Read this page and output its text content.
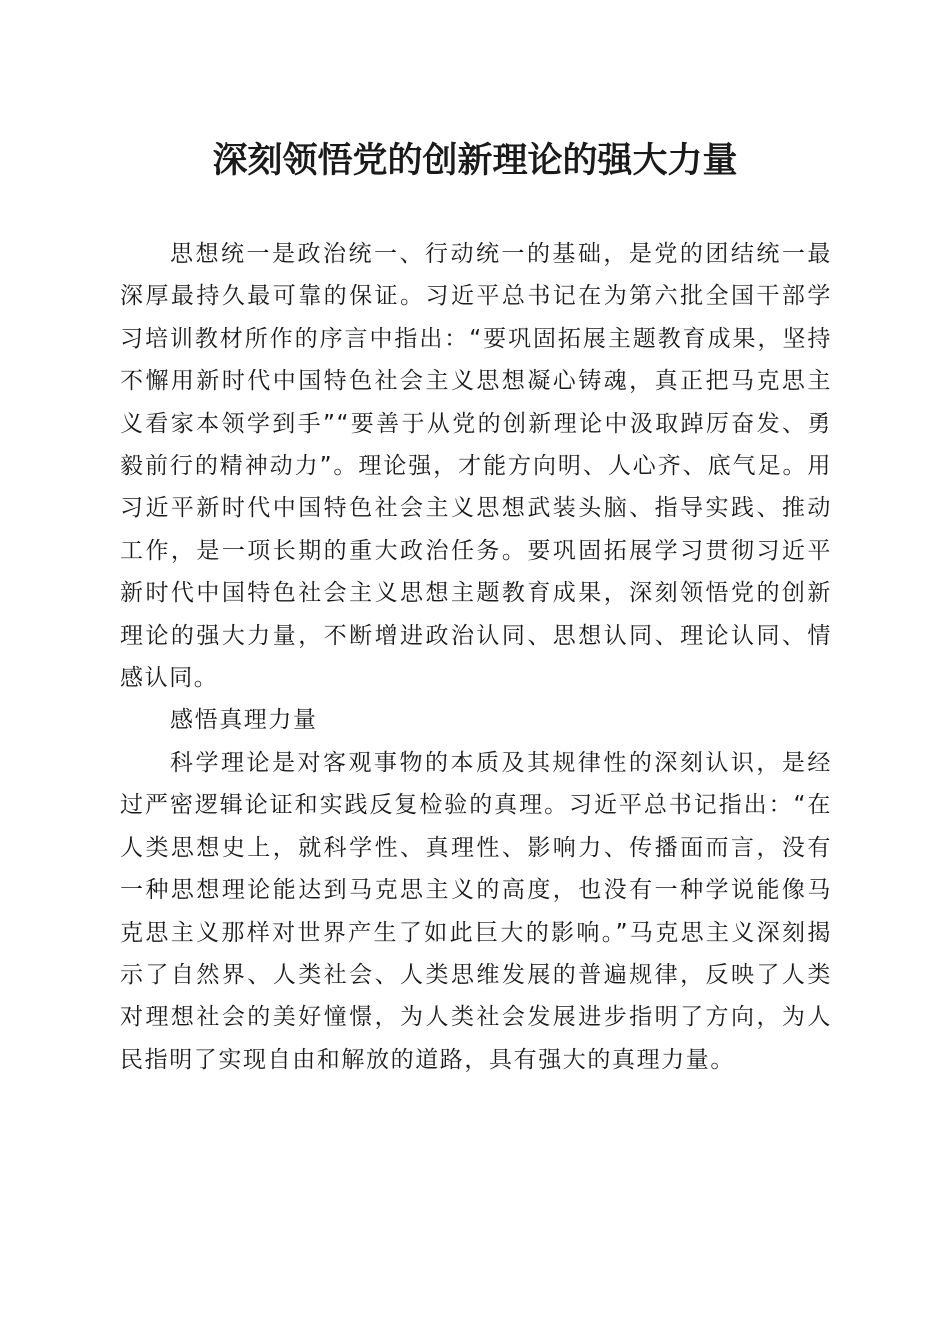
深刻领悟党的创新理论的强大力量

思想统一是政治统一、行动统一的基础，是党的团结统一最深厚最持久最可靠的保证。习近平总书记在为第六批全国干部学习培训教材所作的序言中指出：“要巩固拓展主题教育成果，坚持不懈用新时代中国特色社会主义思想凝心铸魂，真正把马克思主义看家本领学到手”“要善于从党的创新理论中汲取踔厉奋发、勇毅前行的精神动力”。理论强，才能方向明、人心齐、底气足。用习近平新时代中国特色社会主义思想武装头脑、指导实践、推动工作，是一项长期的重大政治任务。要巩固拓展学习贯彻习近平新时代中国特色社会主义思想主题教育成果，深刻领悟党的创新理论的强大力量，不断增进政治认同、思想认同、理论认同、情感认同。

感悟真理力量

科学理论是对客观事物的本质及其规律性的深刻认识，是经过严密逻辑论证和实践反复检验的真理。习近平总书记指出：“在人类思想史上，就科学性、真理性、影响力、传播面而言，没有一种思想理论能达到马克思主义的高度，也没有一种学说能像马克思主义那样对世界产生了如此巨大的影响。”马克思主义深刻揭示了自然界、人类社会、人类思维发展的普遍规律，反映了人类对理想社会的美好憧憬，为人类社会发展进步指明了方向，为人民指明了实现自由和解放的道路，具有强大的真理力量。
